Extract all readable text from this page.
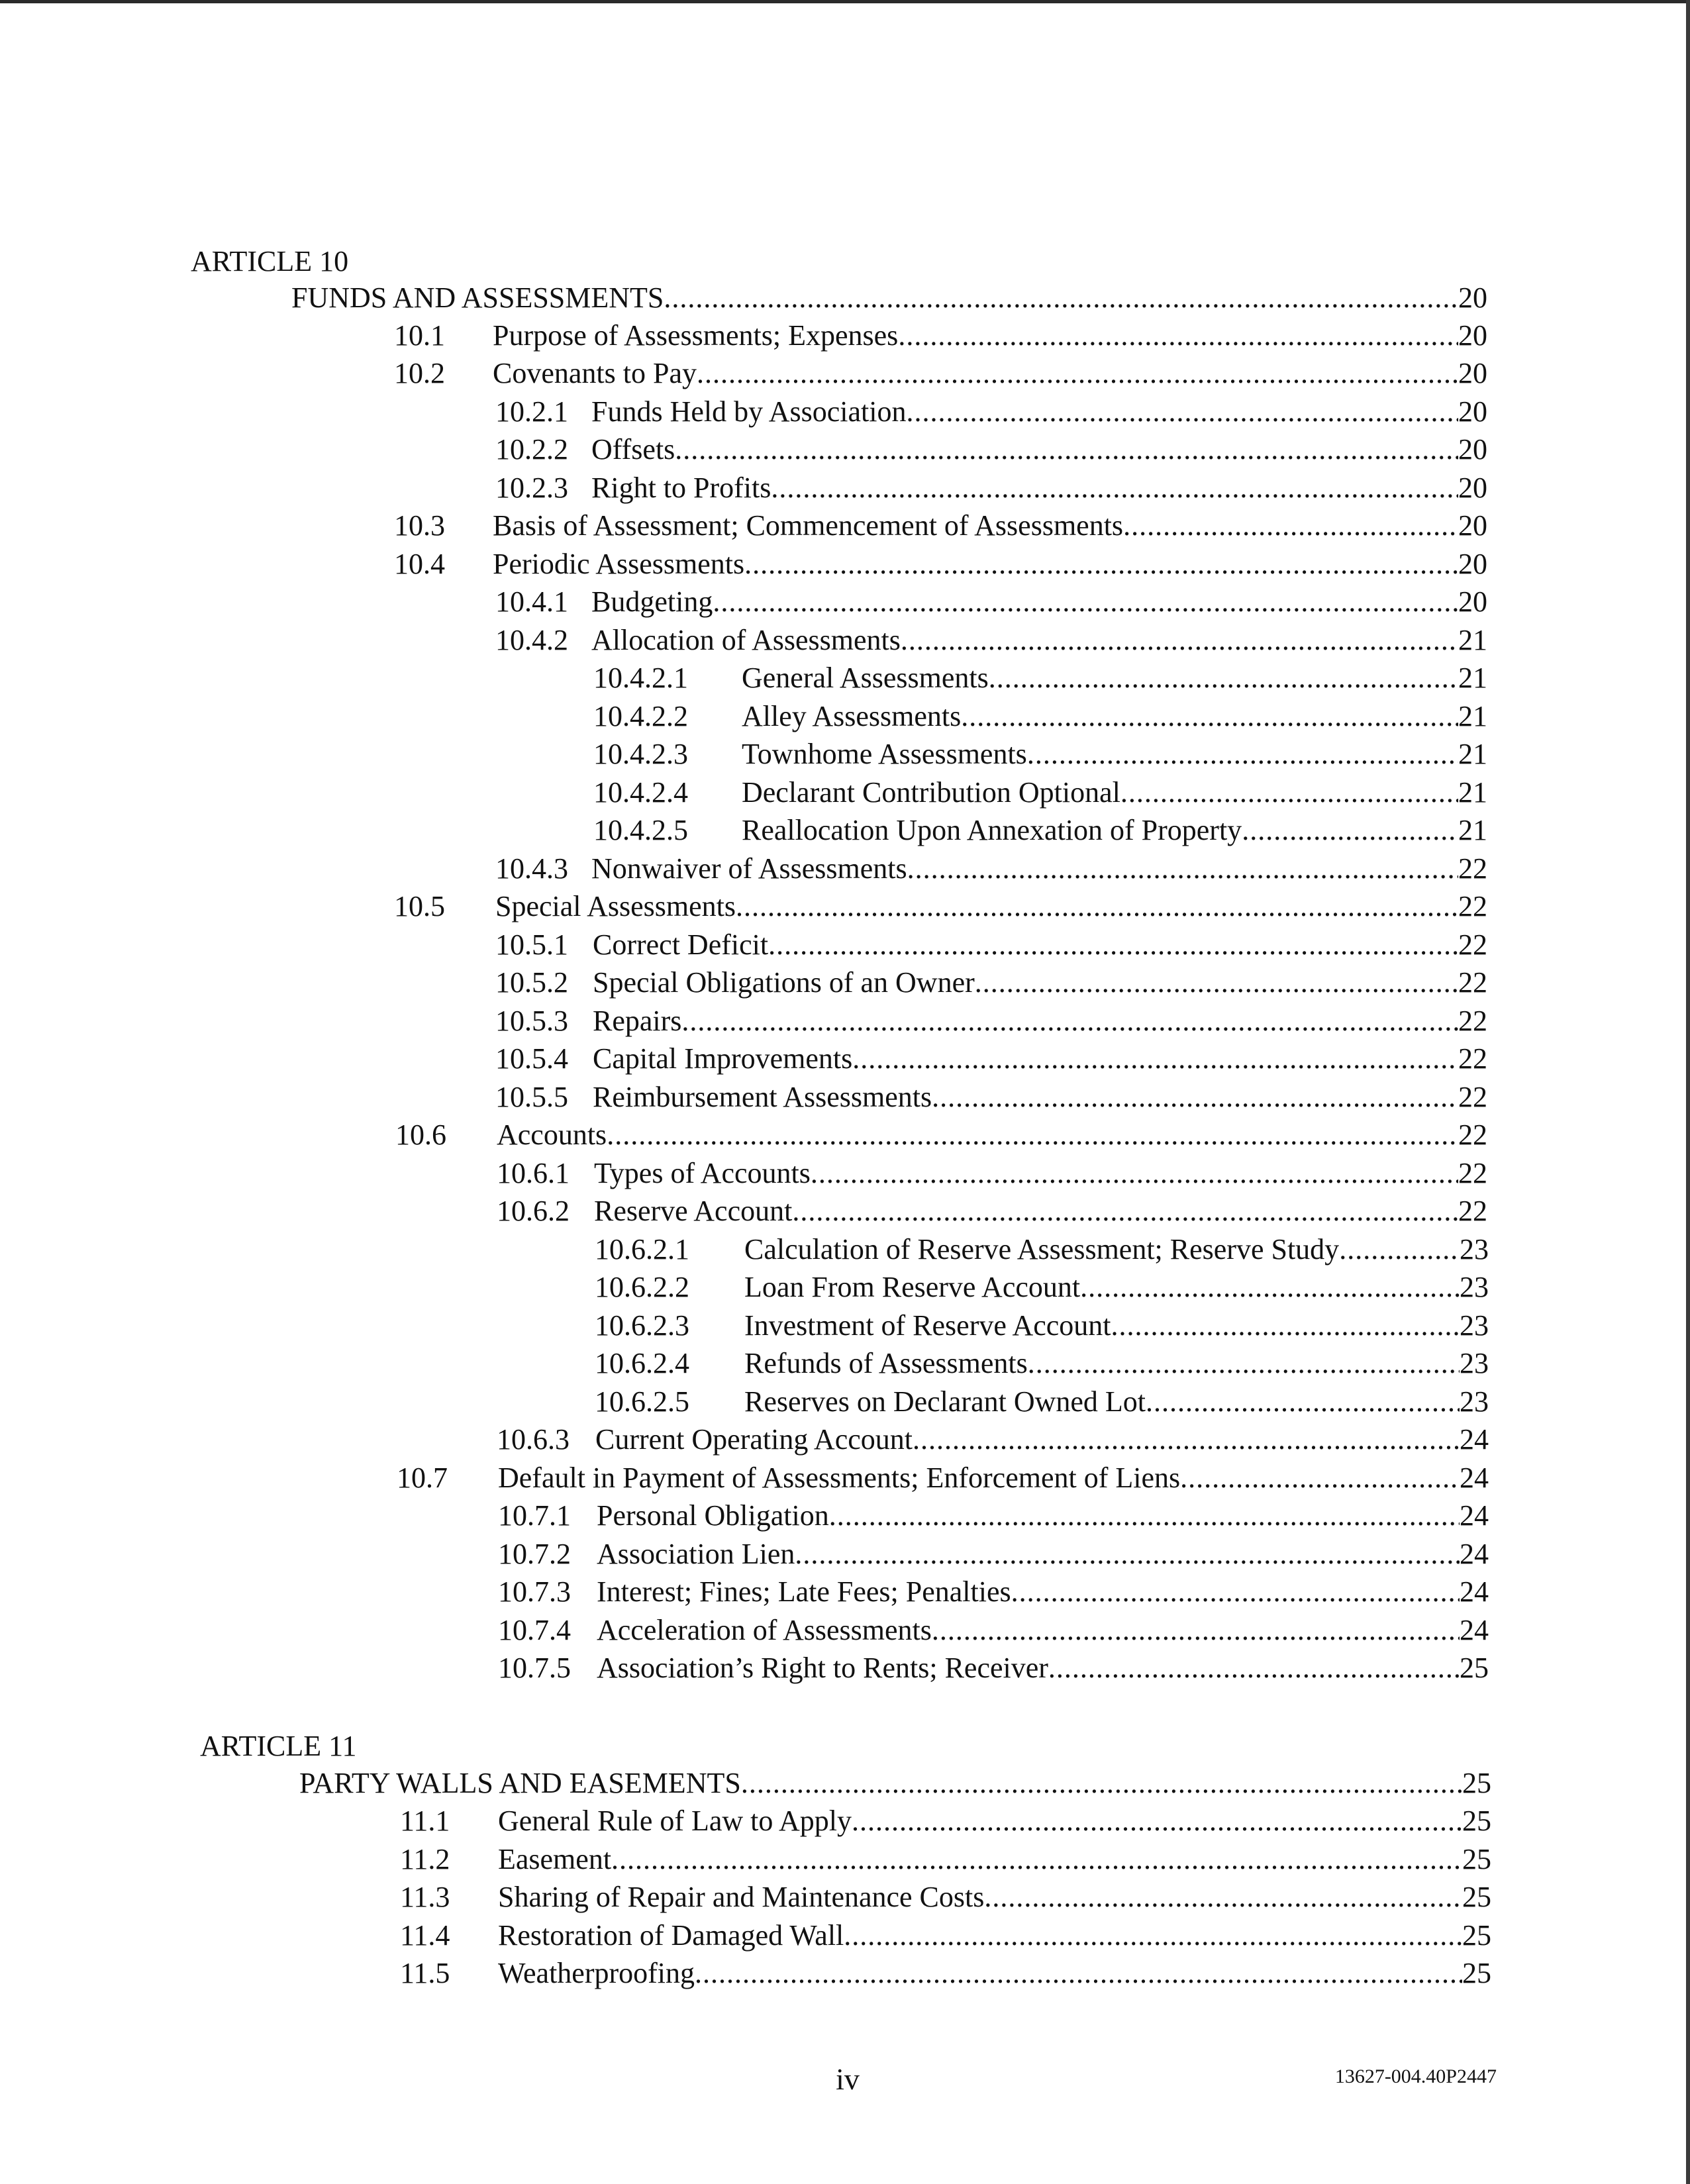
ARTICLE 10
FUNDS AND ASSESSMENTS .....	20
10.1 Purpose of Assessments; Expenses .....	20
10.2 Covenants to Pay .....	20
10.2.1 Funds Held by Association .....	20
10.2.2 Offsets .....	20
10.2.3 Right to Profits .....	20
10.3 Basis of Assessment; Commencement of Assessments .....	20
10.4 Periodic Assessments .....	20
10.4.1 Budgeting .....	20
10.4.2 Allocation of Assessments .....	21
10.4.2.1 General Assessments .....	21
10.4.2.2 Alley Assessments .....	21
10.4.2.3 Townhome Assessments .....	21
10.4.2.4 Declarant Contribution Optional .....	21
10.4.2.5 Reallocation Upon Annexation of Property .....	21
10.4.3 Nonwaiver of Assessments .....	22
10.5 Special Assessments .....	22
10.5.1 Correct Deficit .....	22
10.5.2 Special Obligations of an Owner .....	22
10.5.3 Repairs .....	22
10.5.4 Capital Improvements .....	22
10.5.5 Reimbursement Assessments .....	22
10.6 Accounts .....	22
10.6.1 Types of Accounts .....	22
10.6.2 Reserve Account .....	22
10.6.2.1 Calculation of Reserve Assessment; Reserve Study .....	23
10.6.2.2 Loan From Reserve Account .....	23
10.6.2.3 Investment of Reserve Account .....	23
10.6.2.4 Refunds of Assessments .....	23
10.6.2.5 Reserves on Declarant Owned Lot .....	23
10.6.3 Current Operating Account .....	24
10.7 Default in Payment of Assessments; Enforcement of Liens .....	24
10.7.1 Personal Obligation .....	24
10.7.2 Association Lien .....	24
10.7.3 Interest; Fines; Late Fees; Penalties .....	24
10.7.4 Acceleration of Assessments .....	24
10.7.5 Association’s Right to Rents; Receiver .....	25
ARTICLE 11
PARTY WALLS AND EASEMENTS .....	25
11.1 General Rule of Law to Apply .....	25
11.2 Easement .....	25
11.3 Sharing of Repair and Maintenance Costs .....	25
11.4 Restoration of Damaged Wall .....	25
11.5 Weatherproofing .....	25
iv	13627-004.40P2447
